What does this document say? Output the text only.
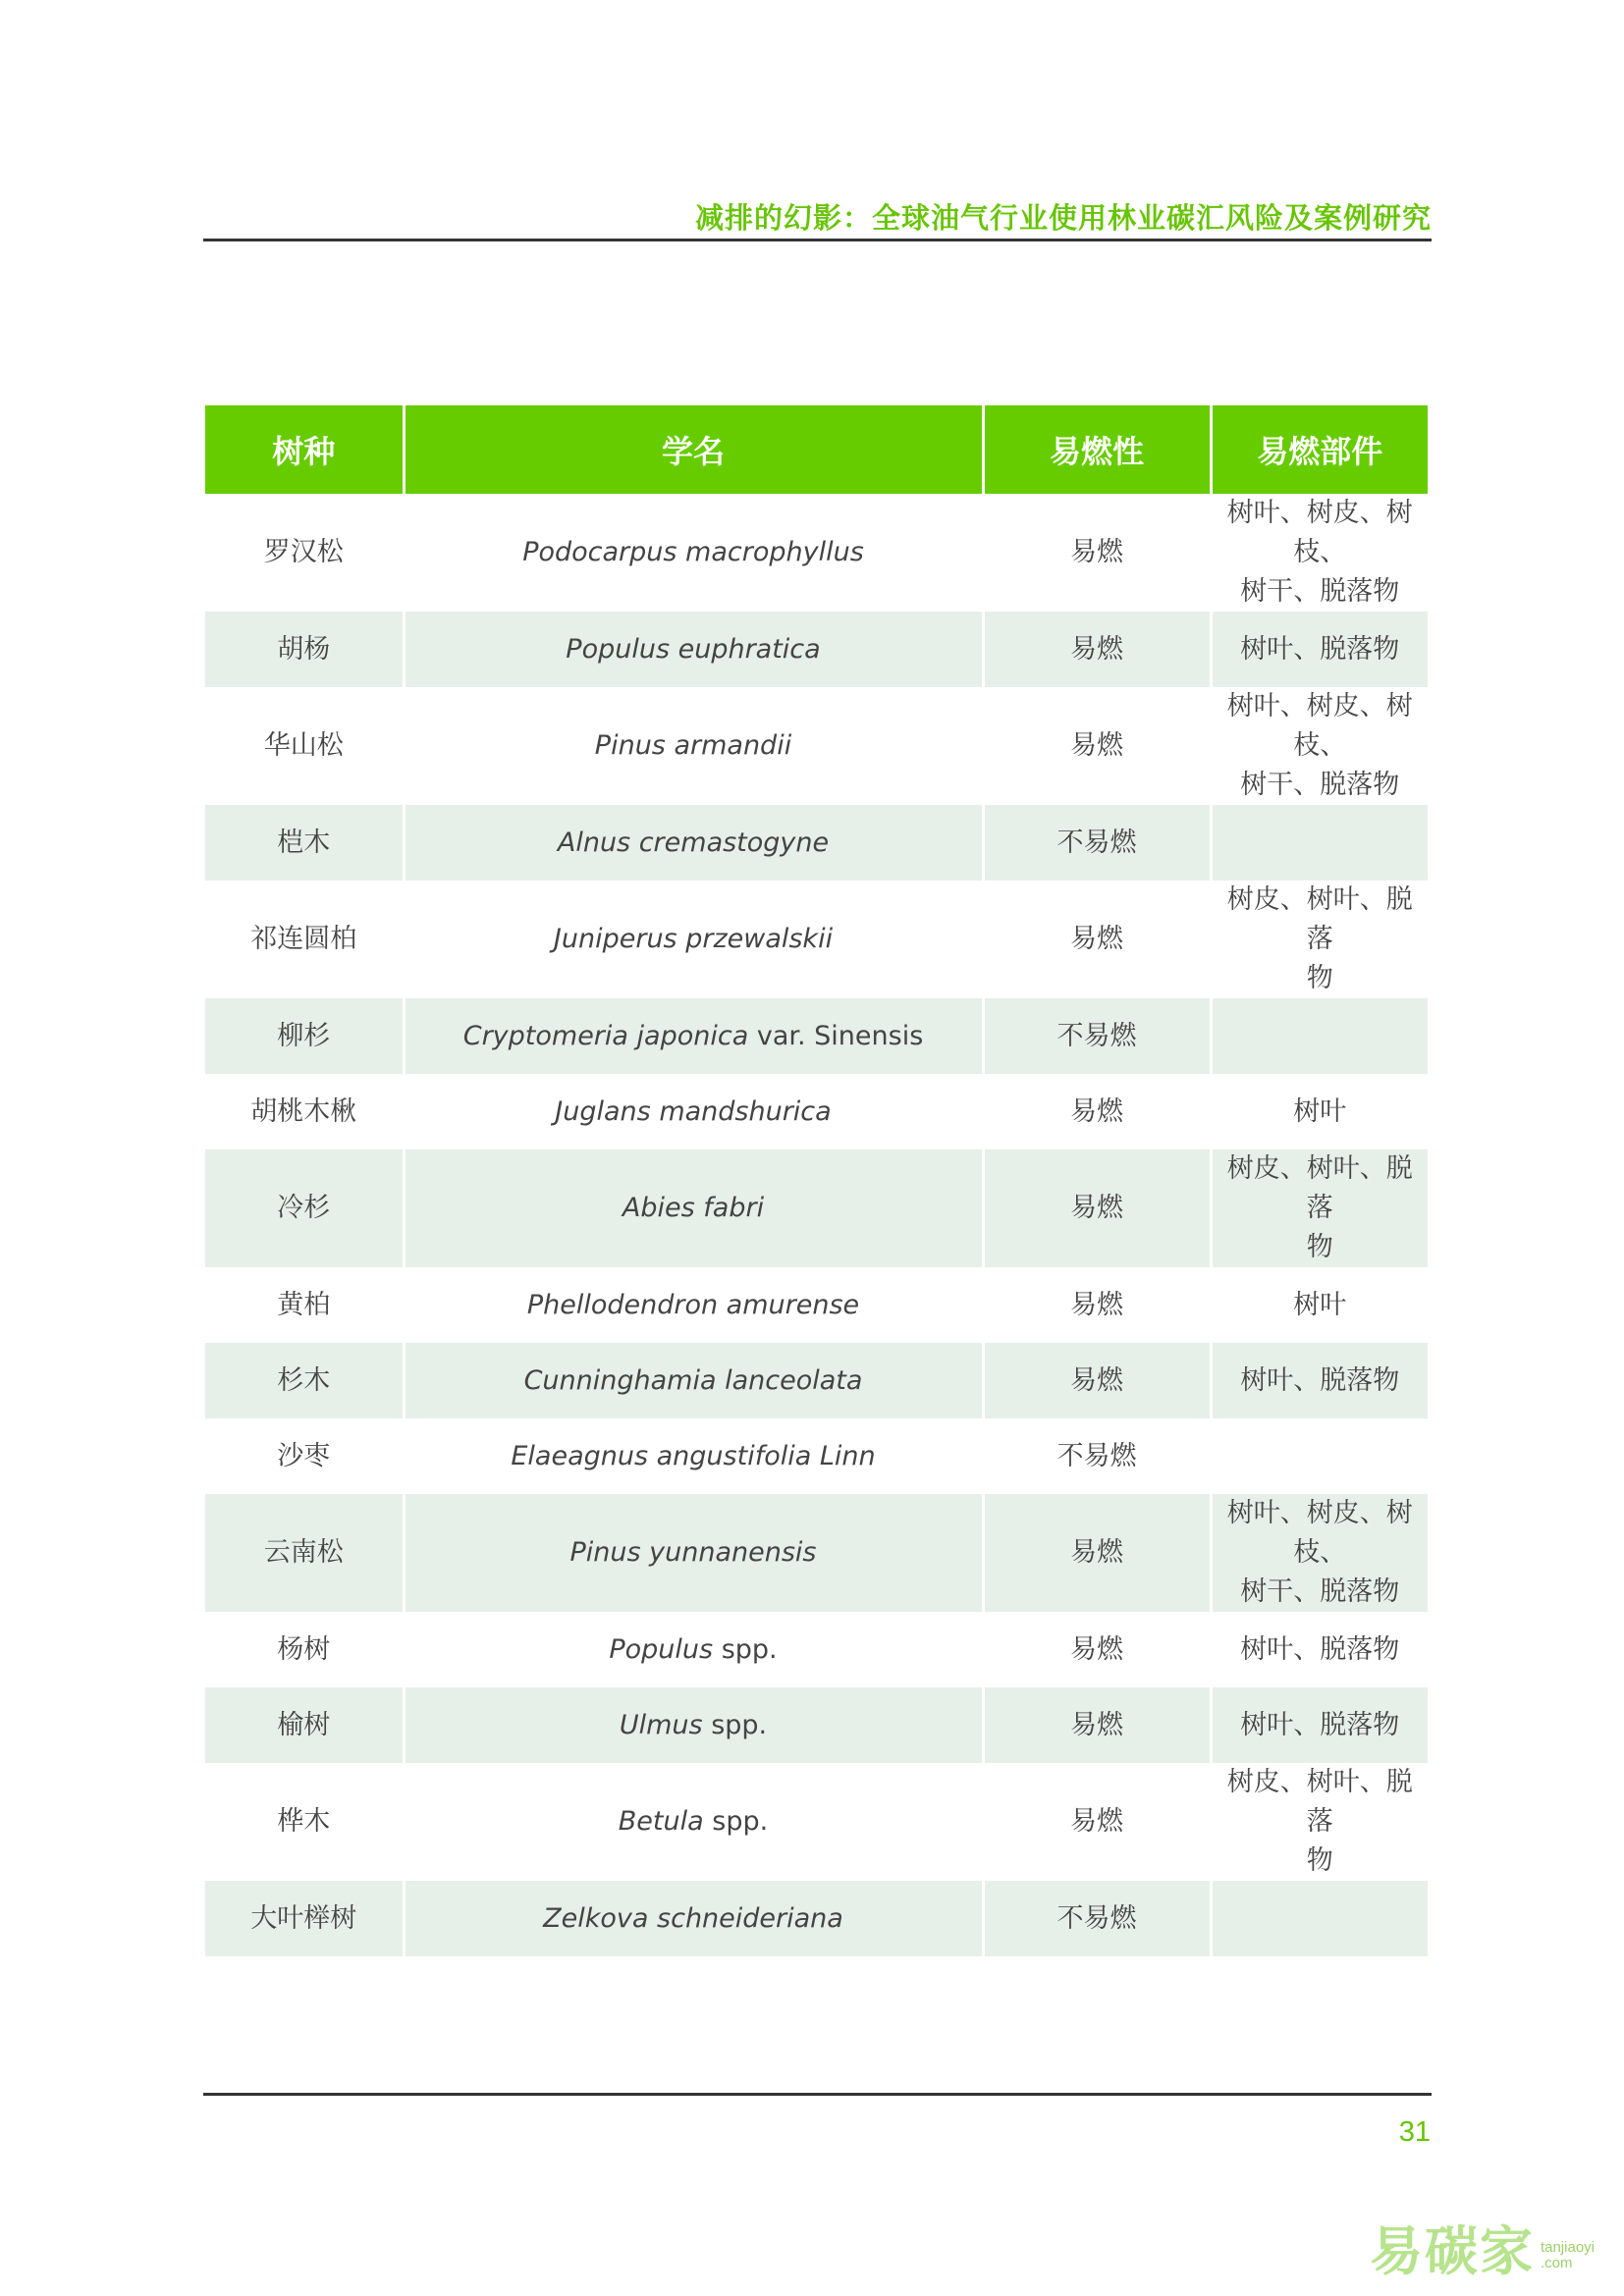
减排的幻影：全球油气行业使用林业碳汇风险及案例研究
树种	学名	易燃性	易燃部件
罗汉松	Podocarpus macrophyllus	易燃	树叶、树皮、树枝、
树干、脱落物

胡杨	Populus euphratica	易燃	树叶、脱落物

华山松	Pinus armandii	易燃	树叶、树皮、树枝、
树干、脱落物

桤木	Alnus cremastogyne	不易燃	
祁连圆柏	Juniperus przewalskii	易燃	树皮、树叶、脱落
物

柳杉	Cryptomeria japonica var. Sinensis	不易燃	
胡桃木楸	Juglans mandshurica	易燃	树叶

冷杉	Abies fabri	易燃	树皮、树叶、脱落
物

黄柏	Phellodendron amurense	易燃	树叶

杉木	Cunninghamia lanceolata	易燃	树叶、脱落物

沙枣	Elaeagnus angustifolia Linn	不易燃	
云南松	Pinus yunnanensis	易燃	树叶、树皮、树枝、
树干、脱落物

杨树	Populus spp.	易燃	树叶、脱落物

榆树	Ulmus spp.	易燃	树叶、脱落物

桦木	Betula spp.	易燃	树皮、树叶、脱落
物

大叶榉树	Zelkova schneideriana	不易燃	
31
易碳家 tanjiaoyi
.com
